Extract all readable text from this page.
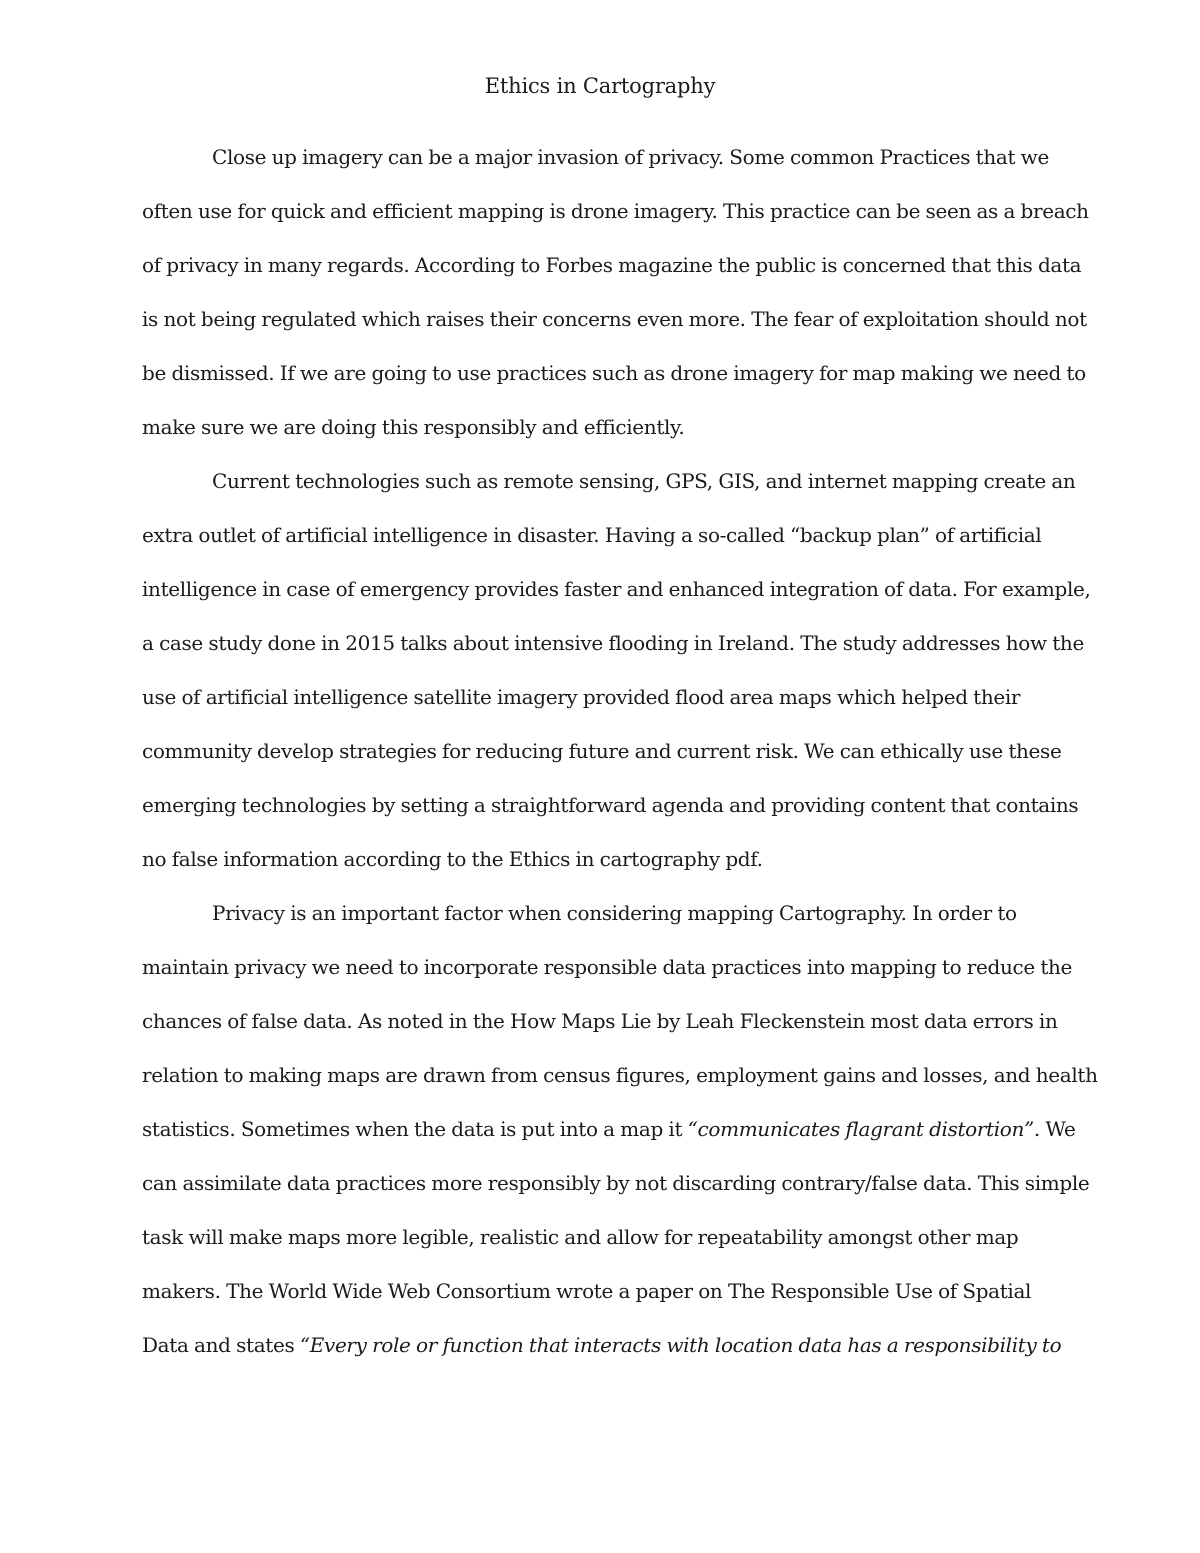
Ethics in Cartography
Close up imagery can be a major invasion of privacy. Some common Practices that we
often use for quick and efficient mapping is drone imagery. This practice can be seen as a breach
of privacy in many regards. According to Forbes magazine the public is concerned that this data
is not being regulated which raises their concerns even more. The fear of exploitation should not
be dismissed. If we are going to use practices such as drone imagery for map making we need to
make sure we are doing this responsibly and efficiently.
Current technologies such as remote sensing, GPS, GIS, and internet mapping create an
extra outlet of artificial intelligence in disaster. Having a so-called “backup plan” of artificial
intelligence in case of emergency provides faster and enhanced integration of data. For example,
a case study done in 2015 talks about intensive flooding in Ireland. The study addresses how the
use of artificial intelligence satellite imagery provided flood area maps which helped their
community develop strategies for reducing future and current risk. We can ethically use these
emerging technologies by setting a straightforward agenda and providing content that contains
no false information according to the Ethics in cartography pdf.
Privacy is an important factor when considering mapping Cartography. In order to
maintain privacy we need to incorporate responsible data practices into mapping to reduce the
chances of false data. As noted in the How Maps Lie by Leah Fleckenstein most data errors in
relation to making maps are drawn from census figures, employment gains and losses, and health
statistics. Sometimes when the data is put into a map it “communicates flagrant distortion”. We
can assimilate data practices more responsibly by not discarding contrary/false data. This simple
task will make maps more legible, realistic and allow for repeatability amongst other map
makers. The World Wide Web Consortium wrote a paper on The Responsible Use of Spatial
Data and states “Every role or function that interacts with location data has a responsibility to
